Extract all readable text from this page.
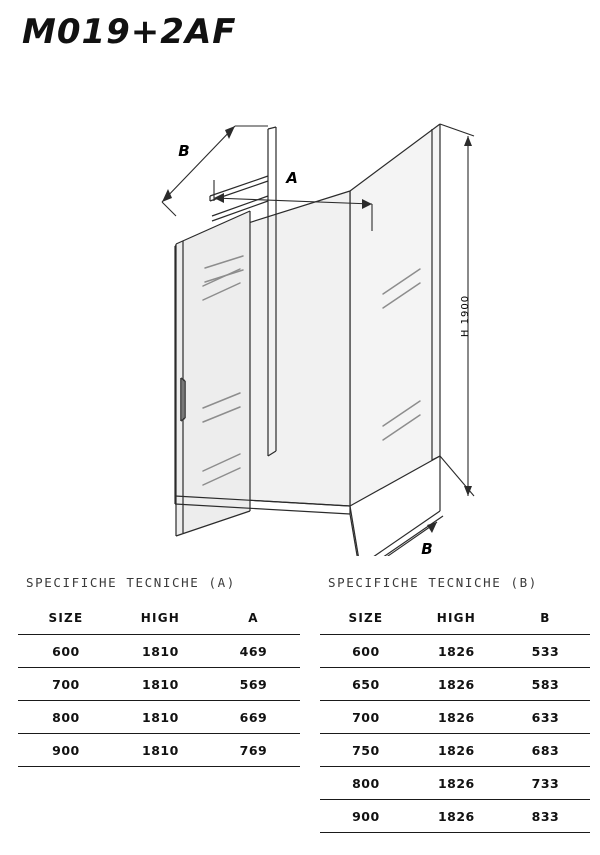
M019+2AF
A
B
B
H 1900
SPECIFICHE TECNICHE (A)
SIZE	HIGH	A
600	1810	469
700	1810	569
800	1810	669
900	1810	769
SPECIFICHE TECNICHE (B)
SIZE	HIGH	B
600	1826	533
650	1826	583
700	1826	633
750	1826	683
800	1826	733
900	1826	833
